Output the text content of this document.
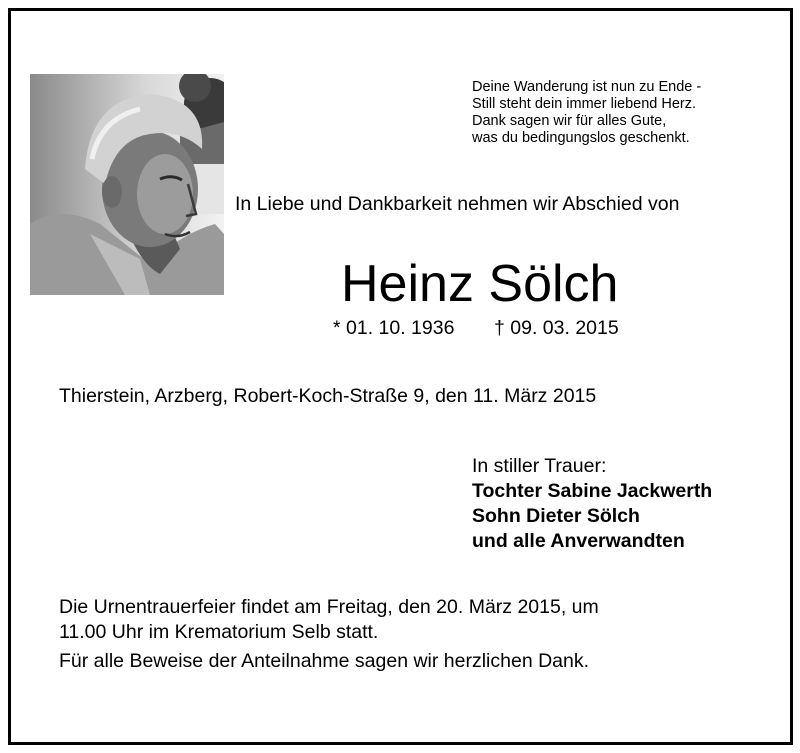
Deine Wanderung ist nun zu Ende -
Still steht dein immer liebend Herz.
Dank sagen wir für alles Gute,
was du bedingungslos geschenkt.
In Liebe und Dankbarkeit nehmen wir Abschied von
Heinz Sölch
* 01. 10. 1936 † 09. 03. 2015
Thierstein, Arzberg, Robert-Koch-Straße 9, den 11. März 2015
In stiller Trauer:
Tochter Sabine Jackwerth
Sohn Dieter Sölch
und alle Anverwandten
Die Urnentrauerfeier findet am Freitag, den 20. März 2015, um
11.00 Uhr im Krematorium Selb statt.
Für alle Beweise der Anteilnahme sagen wir herzlichen Dank.
